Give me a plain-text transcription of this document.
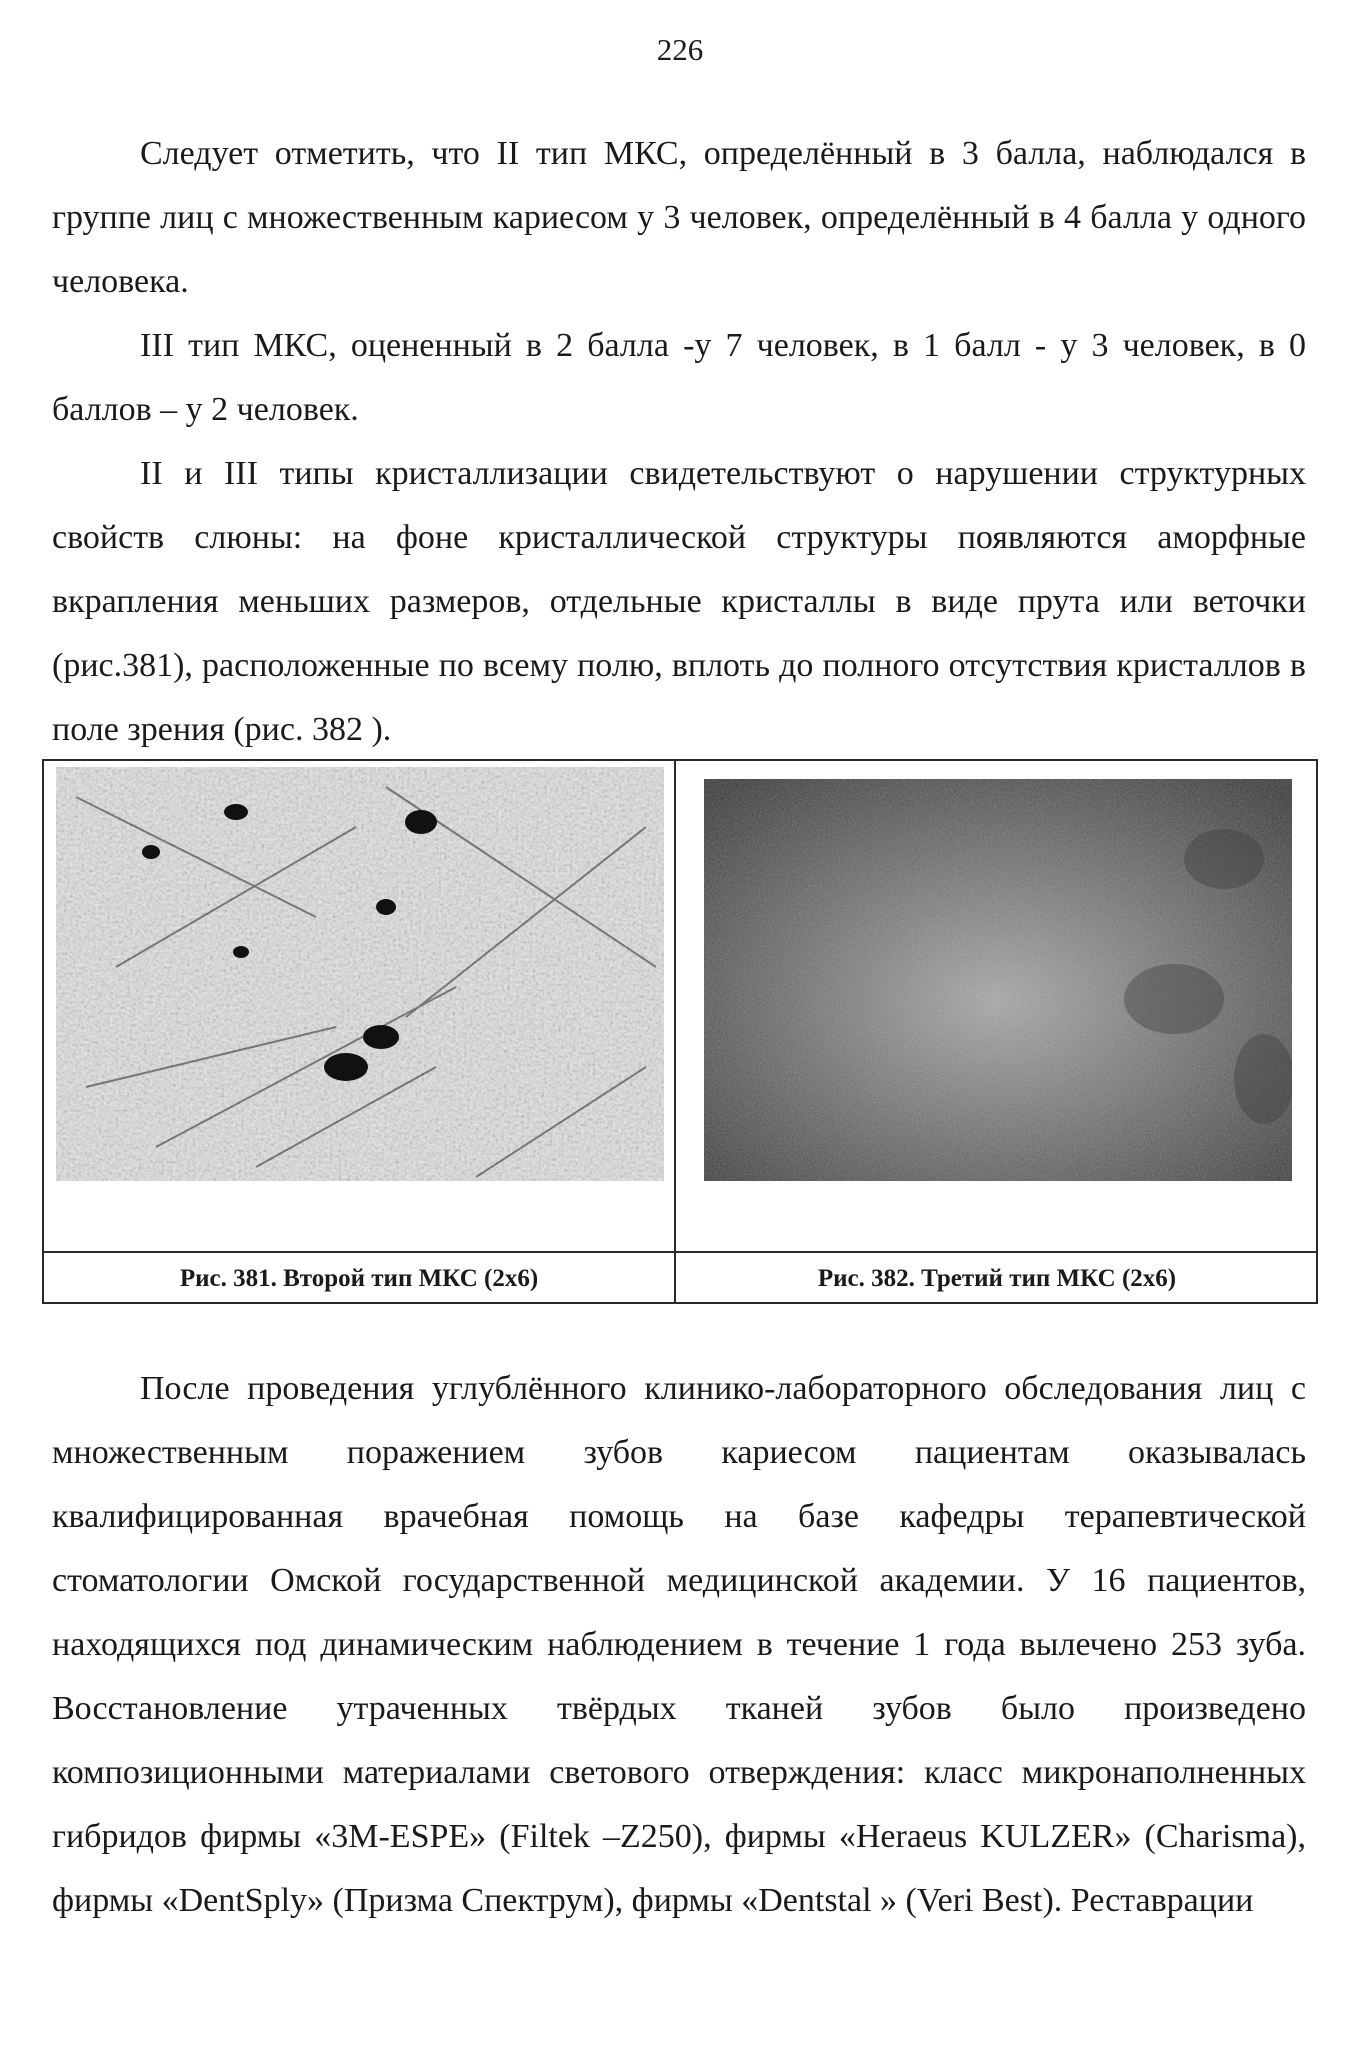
226

Следует отметить, что II тип МКС, определённый в 3 балла, наблюдался в группе лиц с множественным кариесом у 3 человек, определённый в 4 балла у одного человека.

III тип МКС, оцененный в 2 балла -у 7 человек, в 1 балл - у 3 человек, в 0 баллов – у 2 человек.

II и III типы кристаллизации свидетельствуют о нарушении структурных свойств слюны: на фоне кристаллической структуры появляются аморфные вкрапления меньших размеров, отдельные кристаллы в виде прута или веточки (рис.381), расположенные по всему полю, вплоть до полного отсутствия кристаллов в поле зрения (рис. 382 ).

Рис. 381. Второй тип МКС (2х6)	Рис. 382. Третий тип МКС (2х6)

После проведения углублённого клинико-лабораторного обследования лиц с множественным поражением зубов кариесом пациентам оказывалась квалифицированная врачебная помощь на базе кафедры терапевтической стоматологии Омской государственной медицинской академии. У 16 пациентов, находящихся под динамическим наблюдением в течение 1 года вылечено 253 зуба. Восстановление утраченных твёрдых тканей зубов было произведено композиционными материалами светового отверждения: класс микронаполненных гибридов фирмы «3M-ESPE» (Filtek –Z250), фирмы «Heraeus KULZER» (Charisma), фирмы «DentSply» (Призма Спектрум), фирмы «Dentstal » (Veri Best). Реставрации
